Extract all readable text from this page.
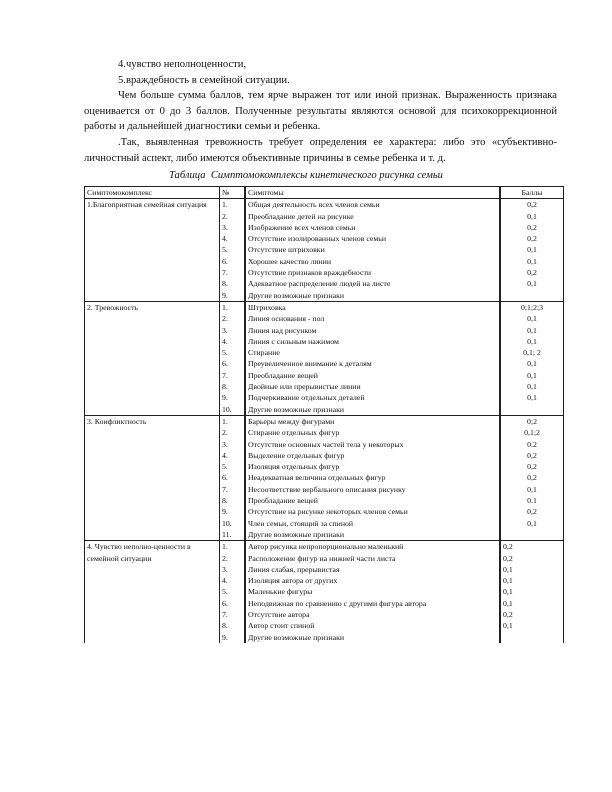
4.чувство неполноценности,
5.враждебность в семейной ситуации.
Чем больше сумма баллов, тем ярче выражен тот или иной признак. Выраженность признака оценивается от 0 до 3 баллов. Полученные результаты являются основой для психокоррекционной работы и дальнейшей диагностики семьи и ребенка.
.Так, выявленная тревожность требует определения ее характера: либо это «субъективно-личностный аспект, либо имеются объективные причины в семье ребенка и т. д.
Таблица  Симптомокомплексы кинетического рисунка семьи
Симптомокомплекс	№	Симптомы	Баллы
1.Благоприятная семейная ситуация	1.	Общая деятельность всех членов семьи	0,2
	2.	Преобладание детей на рисунке	0,1
	3.	Изображение всех членов семьи	0,2
	4.	Отсутствие изолированных членов семьи	0,2
	5.	Отсутствие штриховки	0,1
	6.	Хорошее качество линии	0,1
	7.	Отсутствие признаков враждебности	0,2
	8.	Адекватное распределение людей на листе	0,1
	9.	Другие возможные признаки	
2. Тревожность	1.	Штриховка	0;1;2;3
	2.	Линия основания - пол	0,1
	3.	Линия над рисунком	0,1
	4.	Линия с сильным нажимом	0,1
	5.	Стирание	0,1; 2
	6.	Преувеличенное внимание к деталям	0,1
	7.	Преобладание вещей	0,1
	8.	Двойные или прерывистые линии	0,1
	9.	Подчеркивание отдельных деталей	0,1
	10.	Другие возможные признаки	
3. Конфликтность	1.	Барьеры между фигурами	0;2
	2.	Стирание отдельных фигур	0,1;2
	3.	Отсутствие основных частей тела у некоторых	0.2
	4.	Выделение отдельных фигур	0,2
	5.	Изоляция отдельных фигур	0,2
	6.	Неадекватная величина отдельных фигур	0,2
	7.	Несоответствие вербального описания рисунку	0,1
	8.	Преобладание вещей	0.1
	9.	Отсутствие на рисунке некоторых членов семьи	0,2
	10.	Член семьи, стоящий за спиной	0,1
	11.	Другие возможные признаки	
4. Чувство неполно-ценности в семейной ситуации	1.	Автор рисунка непропорционально маленький	0,2
	2.	Расположение фигур на нижней части листа	0,2
	3.	Линия слабая, прерывистая	0,1
	4.	Изоляция автора от других	0,1
	5.	Маленькие фигуры	0,1
	6.	Неподвижная по сравнению с другими фигура автора	0,1
	7.	Отсутствие автора	0,2
	8.	Автор стоит спиной	0,1
	9.	Другие возможные признаки	
